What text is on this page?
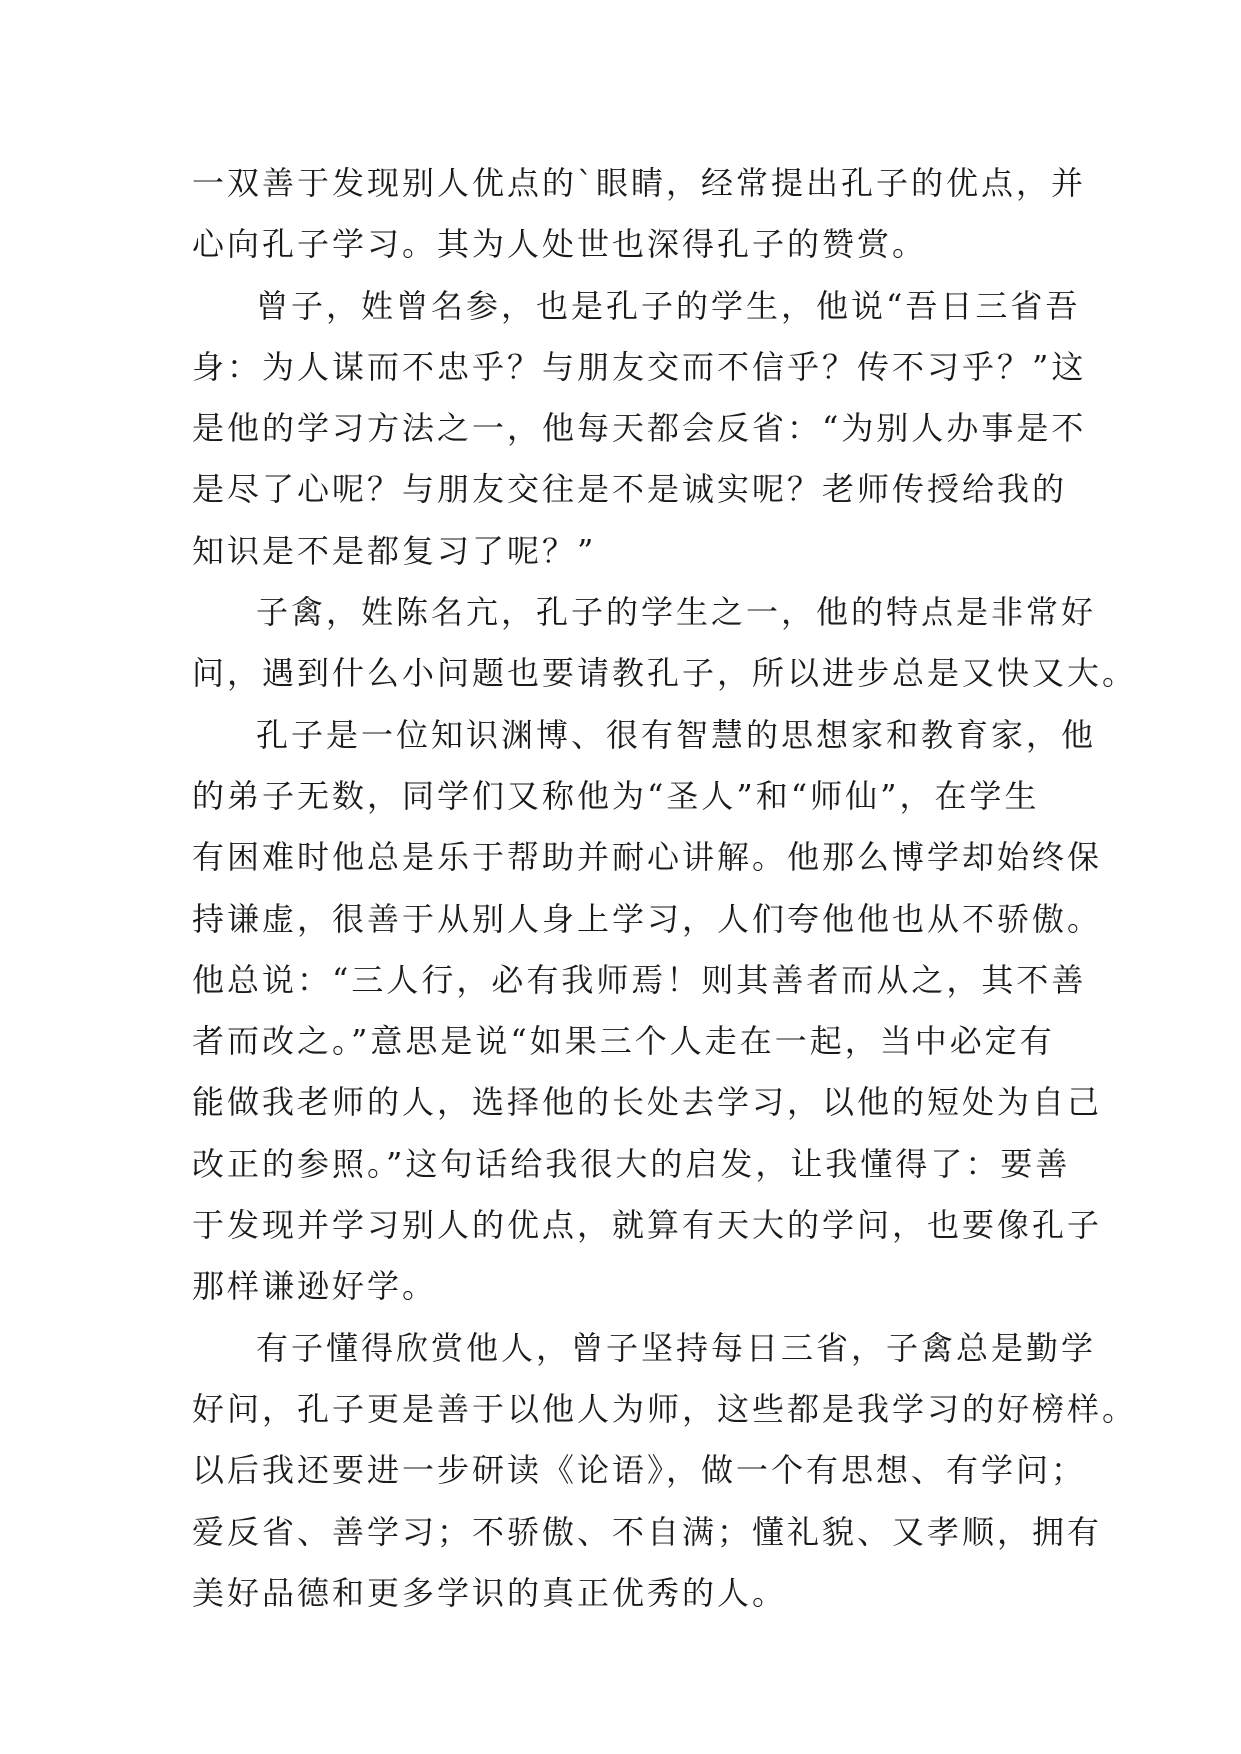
一双善于发现别人优点的`眼睛，经常提出孔子的优点，并
心向孔子学习。其为人处世也深得孔子的赞赏。
曾子，姓曾名参，也是孔子的学生，他说“吾日三省吾
身：为人谋而不忠乎？与朋友交而不信乎？传不习乎？”这
是他的学习方法之一，他每天都会反省：“为别人办事是不
是尽了心呢？与朋友交往是不是诚实呢？老师传授给我的
知识是不是都复习了呢？”
子禽，姓陈名亢，孔子的学生之一，他的特点是非常好
问，遇到什么小问题也要请教孔子，所以进步总是又快又大。
孔子是一位知识渊博、很有智慧的思想家和教育家，他
的弟子无数，同学们又称他为“圣人”和“师仙”，在学生
有困难时他总是乐于帮助并耐心讲解。他那么博学却始终保
持谦虚，很善于从别人身上学习，人们夸他他也从不骄傲。
他总说：“三人行，必有我师焉！则其善者而从之，其不善
者而改之。”意思是说“如果三个人走在一起，当中必定有
能做我老师的人，选择他的长处去学习，以他的短处为自己
改正的参照。”这句话给我很大的启发，让我懂得了：要善
于发现并学习别人的优点，就算有天大的学问，也要像孔子
那样谦逊好学。
有子懂得欣赏他人，曾子坚持每日三省，子禽总是勤学
好问，孔子更是善于以他人为师，这些都是我学习的好榜样。
以后我还要进一步研读《论语》，做一个有思想、有学问；
爱反省、善学习；不骄傲、不自满；懂礼貌、又孝顺，拥有
美好品德和更多学识的真正优秀的人。
